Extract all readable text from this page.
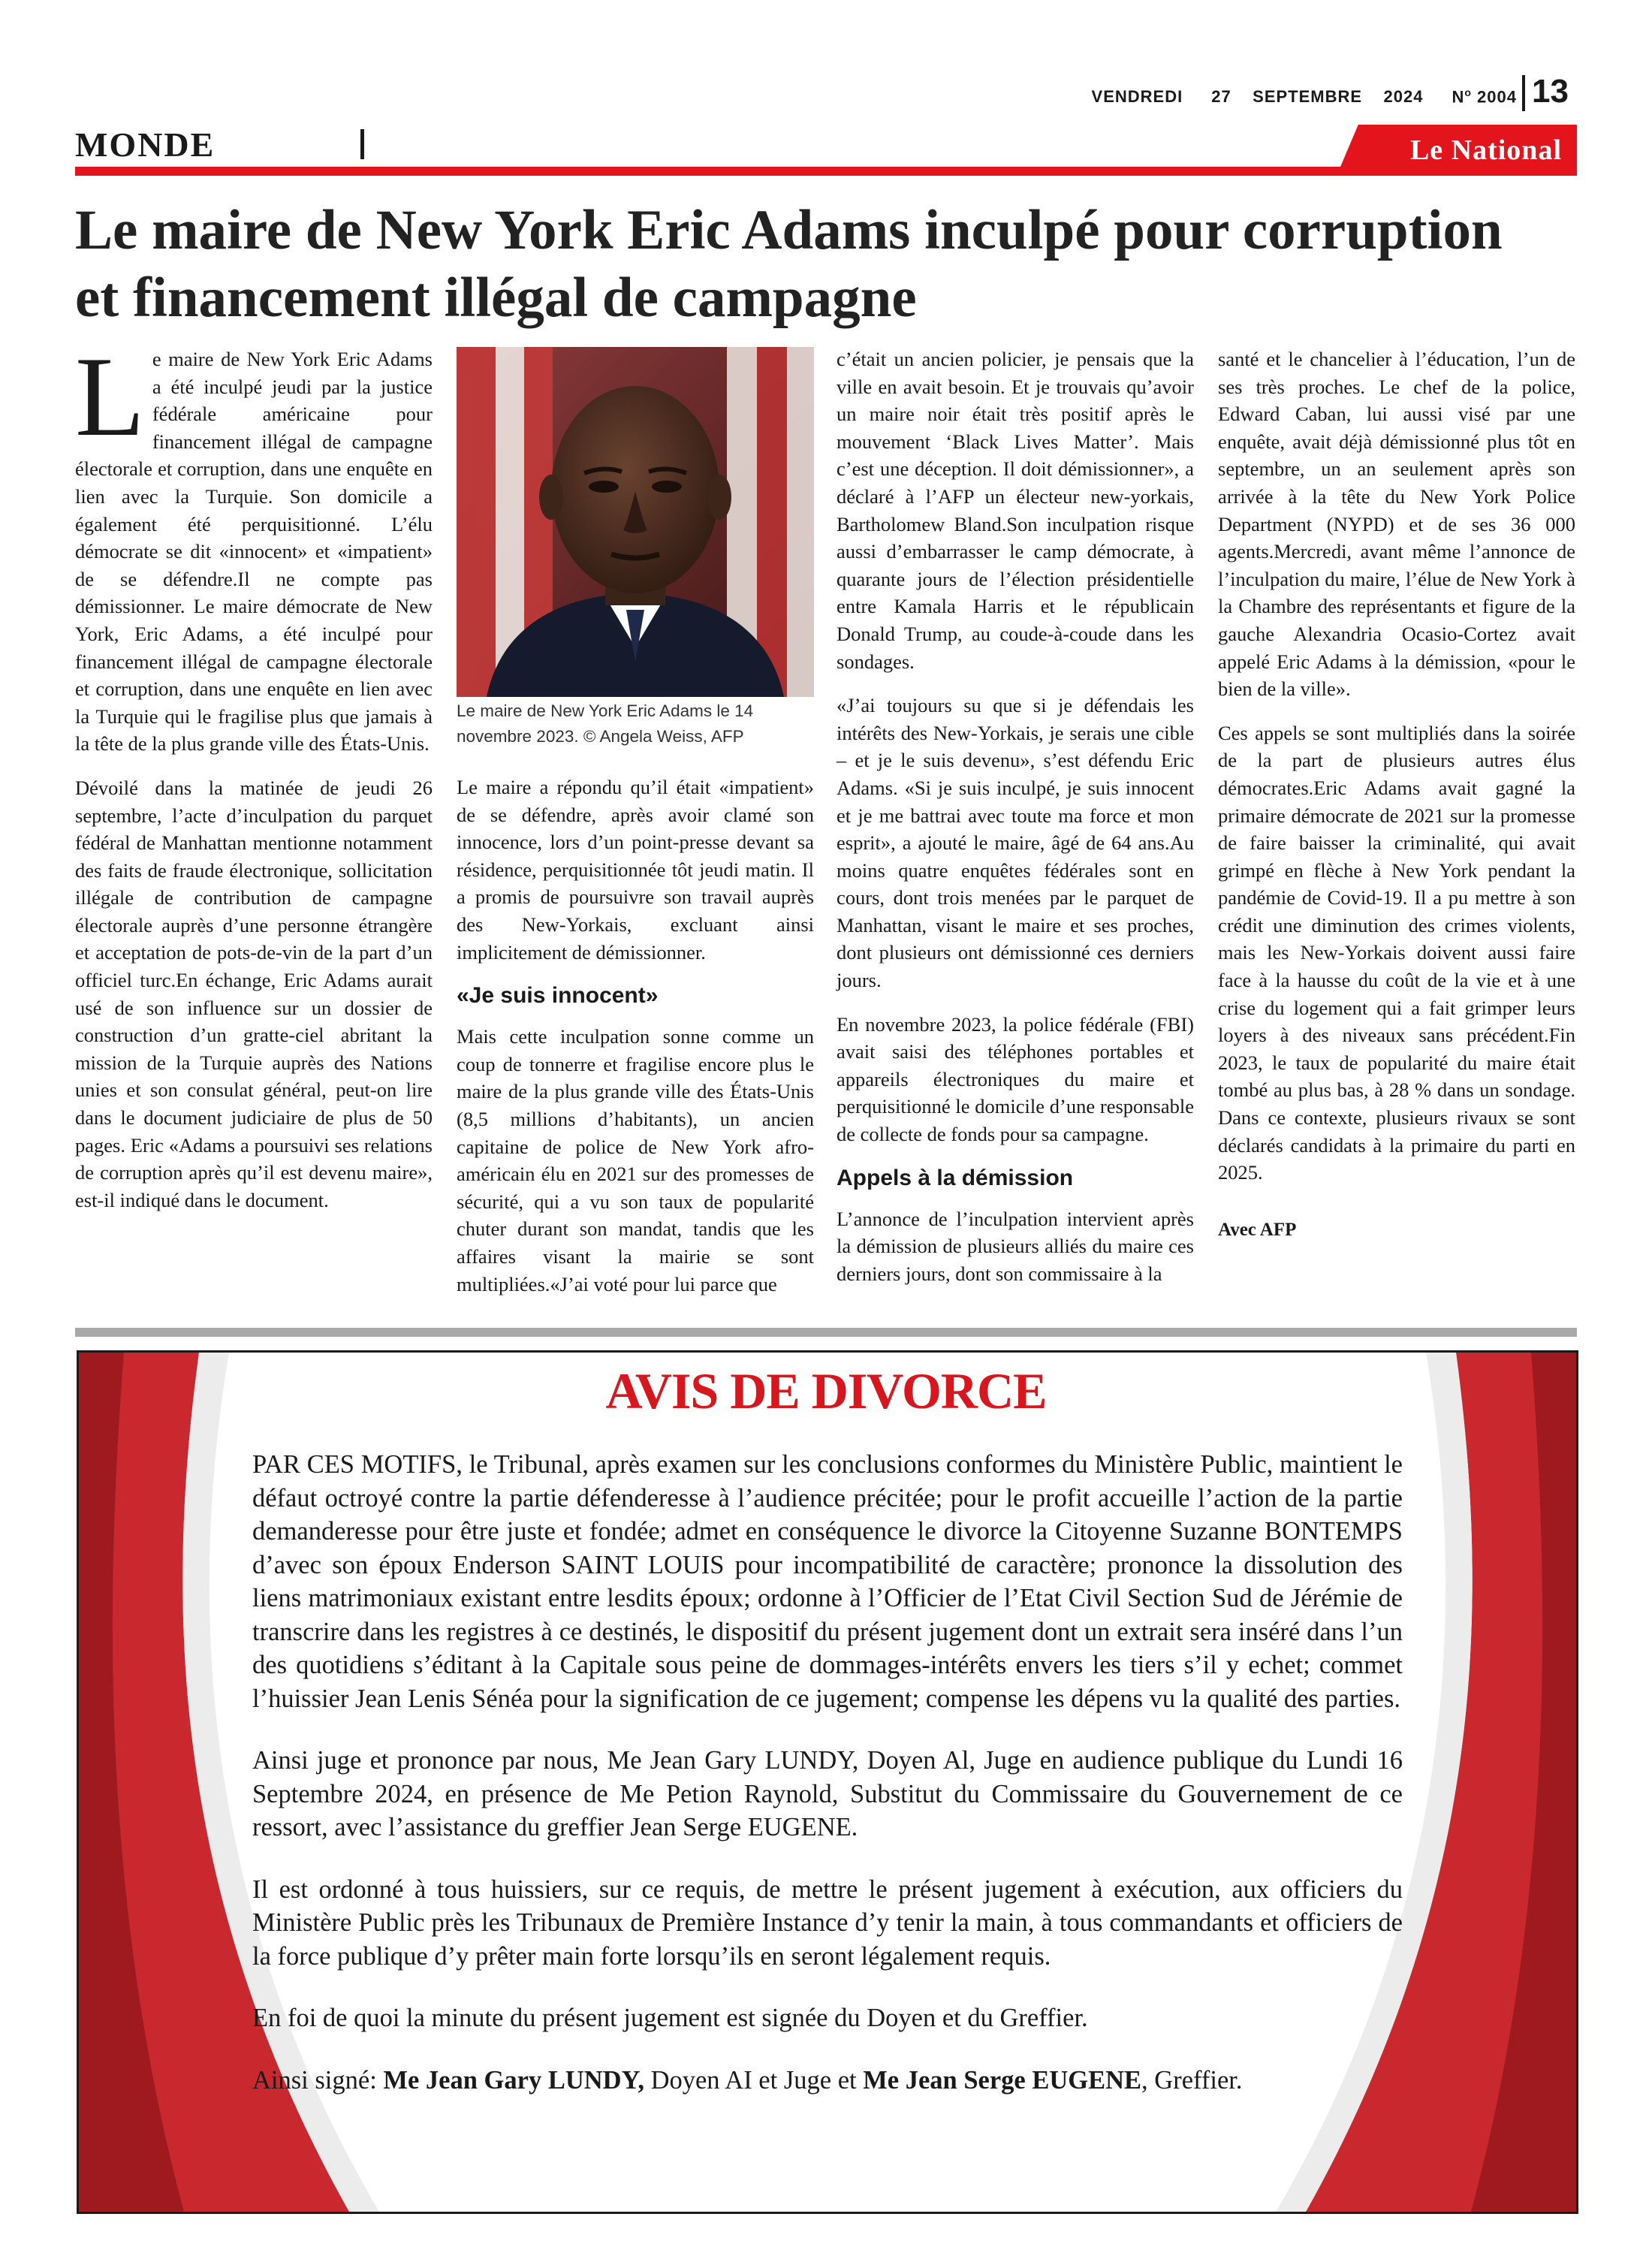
VENDREDI 27 SEPTEMBRE 2024 $N^o$ 2004 13
MONDE	Le National
Le maire de New York Eric Adams inculpé pour corruption
et financement illégal de campagne

Le maire de New York Eric Adams a été inculpé jeudi par la justice fédérale américaine pour financement illégal de campagne électorale et corruption, dans une enquête en lien avec la Turquie. Son domicile a également été perquisitionné. L’élu démocrate se dit «innocent» et «impatient» de se défendre.Il ne compte pas démissionner. Le maire démocrate de New York, Eric Adams, a été inculpé pour financement illégal de campagne électorale et corruption, dans une enquête en lien avec la Turquie qui le fragilise plus que jamais à la tête de la plus grande ville des États-Unis.

Dévoilé dans la matinée de jeudi 26 septembre, l’acte d’inculpation du parquet fédéral de Manhattan mentionne notamment des faits de fraude électronique, sollicitation illégale de contribution de campagne électorale auprès d’une personne étrangère et acceptation de pots-de-vin de la part d’un officiel turc.En échange, Eric Adams aurait usé de son influence sur un dossier de construction d’un gratte-ciel abritant la mission de la Turquie auprès des Nations unies et son consulat général, peut-on lire dans le document judiciaire de plus de 50 pages. Eric «Adams a poursuivi ses relations de corruption après qu’il est devenu maire», est-il indiqué dans le document.

Le maire de New York Eric Adams le 14 novembre 2023. © Angela Weiss, AFP

Le maire a répondu qu’il était «impatient» de se défendre, après avoir clamé son innocence, lors d’un point-presse devant sa résidence, perquisitionnée tôt jeudi matin. Il a promis de poursuivre son travail auprès des New-Yorkais, excluant ainsi implicitement de démissionner.

«Je suis innocent»

Mais cette inculpation sonne comme un coup de tonnerre et fragilise encore plus le maire de la plus grande ville des États-Unis (8,5 millions d’habitants), un ancien capitaine de police de New York afro-américain élu en 2021 sur des promesses de sécurité, qui a vu son taux de popularité chuter durant son mandat, tandis que les affaires visant la mairie se sont multipliées.«J’ai voté pour lui parce que

c’était un ancien policier, je pensais que la ville en avait besoin. Et je trouvais qu’avoir un maire noir était très positif après le mouvement ‘Black Lives Matter’. Mais c’est une déception. Il doit démissionner», a déclaré à l’AFP un électeur new-yorkais, Bartholomew Bland.Son inculpation risque aussi d’embarrasser le camp démocrate, à quarante jours de l’élection présidentielle entre Kamala Harris et le républicain Donald Trump, au coude-à-coude dans les sondages.

«J’ai toujours su que si je défendais les intérêts des New-Yorkais, je serais une cible – et je le suis devenu», s’est défendu Eric Adams. «Si je suis inculpé, je suis innocent et je me battrai avec toute ma force et mon esprit», a ajouté le maire, âgé de 64 ans.Au moins quatre enquêtes fédérales sont en cours, dont trois menées par le parquet de Manhattan, visant le maire et ses proches, dont plusieurs ont démissionné ces derniers jours.

En novembre 2023, la police fédérale (FBI) avait saisi des téléphones portables et appareils électroniques du maire et perquisitionné le domicile d’une responsable de collecte de fonds pour sa campagne.

Appels à la démission

L’annonce de l’inculpation intervient après la démission de plusieurs alliés du maire ces derniers jours, dont son commissaire à la

santé et le chancelier à l’éducation, l’un de ses très proches. Le chef de la police, Edward Caban, lui aussi visé par une enquête, avait déjà démissionné plus tôt en septembre, un an seulement après son arrivée à la tête du New York Police Department (NYPD) et de ses 36 000 agents.Mercredi, avant même l’annonce de l’inculpation du maire, l’élue de New York à la Chambre des représentants et figure de la gauche Alexandria Ocasio-Cortez avait appelé Eric Adams à la démission, «pour le bien de la ville».

Ces appels se sont multipliés dans la soirée de la part de plusieurs autres élus démocrates.Eric Adams avait gagné la primaire démocrate de 2021 sur la promesse de faire baisser la criminalité, qui avait grimpé en flèche à New York pendant la pandémie de Covid-19. Il a pu mettre à son crédit une diminution des crimes violents, mais les New-Yorkais doivent aussi faire face à la hausse du coût de la vie et à une crise du logement qui a fait grimper leurs loyers à des niveaux sans précédent.Fin 2023, le taux de popularité du maire était tombé au plus bas, à 28 % dans un sondage. Dans ce contexte, plusieurs rivaux se sont déclarés candidats à la primaire du parti en 2025.

Avec AFP
AVIS DE DIVORCE

PAR CES MOTIFS, le Tribunal, après examen sur les conclusions conformes du Ministère Public, maintient le défaut octroyé contre la partie défenderesse à l’audience précitée; pour le profit accueille l’action de la partie demanderesse pour être juste et fondée; admet en conséquence le divorce la Citoyenne Suzanne BONTEMPS d’avec son époux Enderson SAINT LOUIS pour incompatibilité de caractère; prononce la dissolution des liens matrimoniaux existant entre lesdits époux; ordonne à l’Officier de l’Etat Civil Section Sud de Jérémie de transcrire dans les registres à ce destinés, le dispositif du présent jugement dont un extrait sera inséré dans l’un des quotidiens s’éditant à la Capitale sous peine de dommages-intérêts envers les tiers s’il y echet; commet l’huissier Jean Lenis Sénéa pour la signification de ce jugement; compense les dépens vu la qualité des parties.

Ainsi juge et prononce par nous, Me Jean Gary LUNDY, Doyen Al, Juge en audience publique du Lundi 16 Septembre 2024, en présence de Me Petion Raynold, Substitut du Commissaire du Gouvernement de ce ressort, avec l’assistance du greffier Jean Serge EUGENE.

Il est ordonné à tous huissiers, sur ce requis, de mettre le présent jugement à exécution, aux officiers du Ministère Public près les Tribunaux de Première Instance d’y tenir la main, à tous commandants et officiers de la force publique d’y prêter main forte lorsqu’ils en seront légalement requis.

En foi de quoi la minute du présent jugement est signée du Doyen et du Greffier.

Ainsi signé: Me Jean Gary LUNDY, Doyen AI et Juge et Me Jean Serge EUGENE, Greffier.
